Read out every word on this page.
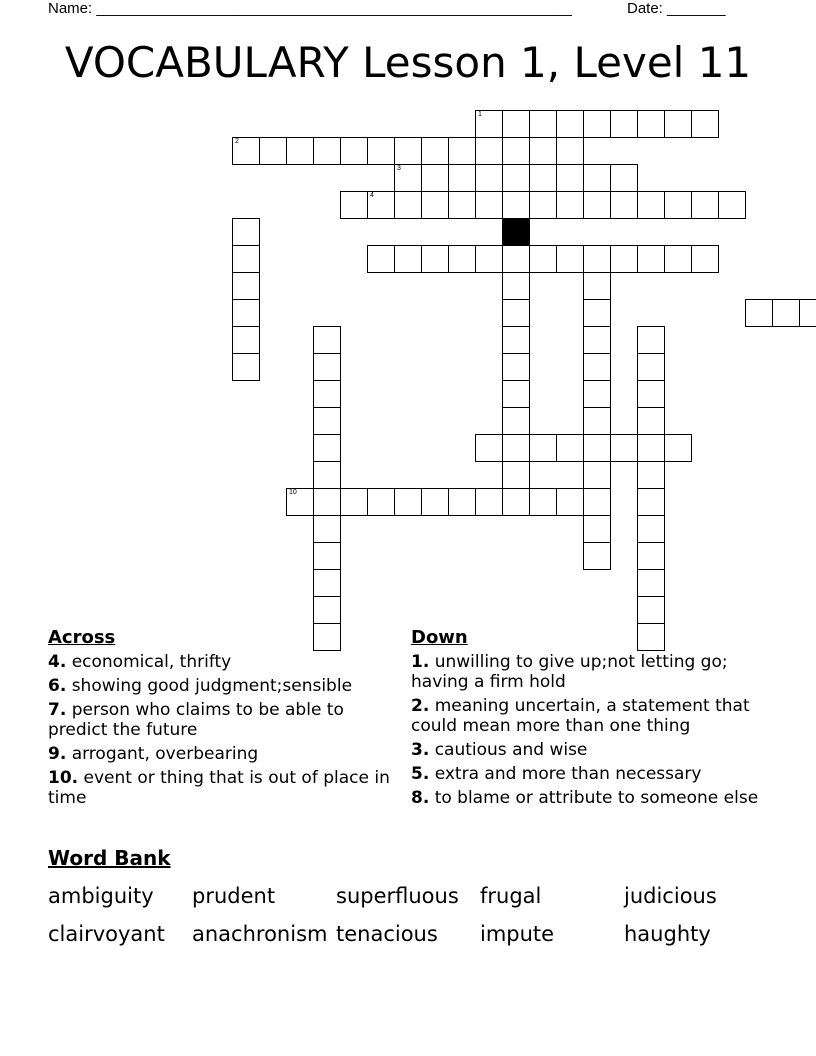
Name: _________________________________________________________	Date: _______
VOCABULARY Lesson 1, Level 11
1
2
3
4
10
Across
4. economical, thrifty
6. showing good judgment;sensible
7. person who claims to be able to predict the future
9. arrogant, overbearing
10. event or thing that is out of place in time
Down
1. unwilling to give up;not letting go; having a firm hold
2. meaning uncertain, a statement that could mean more than one thing
3. cautious and wise
5. extra and more than necessary
8. to blame or attribute to someone else
Word Bank
ambiguity prudent	superfluous frugal	judicious
clairvoyant anachronism tenacious impute	haughty
